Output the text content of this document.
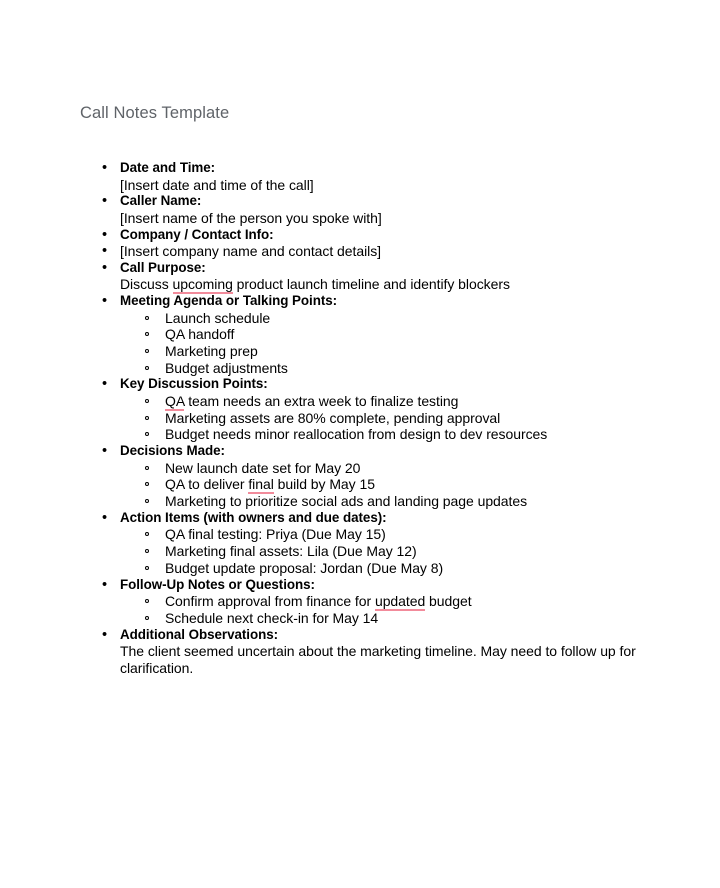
Call Notes Template
• Date and Time:
[Insert date and time of the call]
• Caller Name:
[Insert name of the person you spoke with]
• Company / Contact Info:
• [Insert company name and contact details]
• Call Purpose:
Discuss upcoming product launch timeline and identify blockers
• Meeting Agenda or Talking Points:
Launch schedule
QA handoff
Marketing prep
Budget adjustments
• Key Discussion Points:
QA team needs an extra week to finalize testing
Marketing assets are 80% complete, pending approval
Budget needs minor reallocation from design to dev resources
• Decisions Made:
New launch date set for May 20
QA to deliver final build by May 15
Marketing to prioritize social ads and landing page updates
• Action Items (with owners and due dates):
QA final testing: Priya (Due May 15)
Marketing final assets: Lila (Due May 12)
Budget update proposal: Jordan (Due May 8)
• Follow-Up Notes or Questions:
Confirm approval from finance for updated budget
Schedule next check-in for May 14
• Additional Observations:
The client seemed uncertain about the marketing timeline. May need to follow up for clarification.
